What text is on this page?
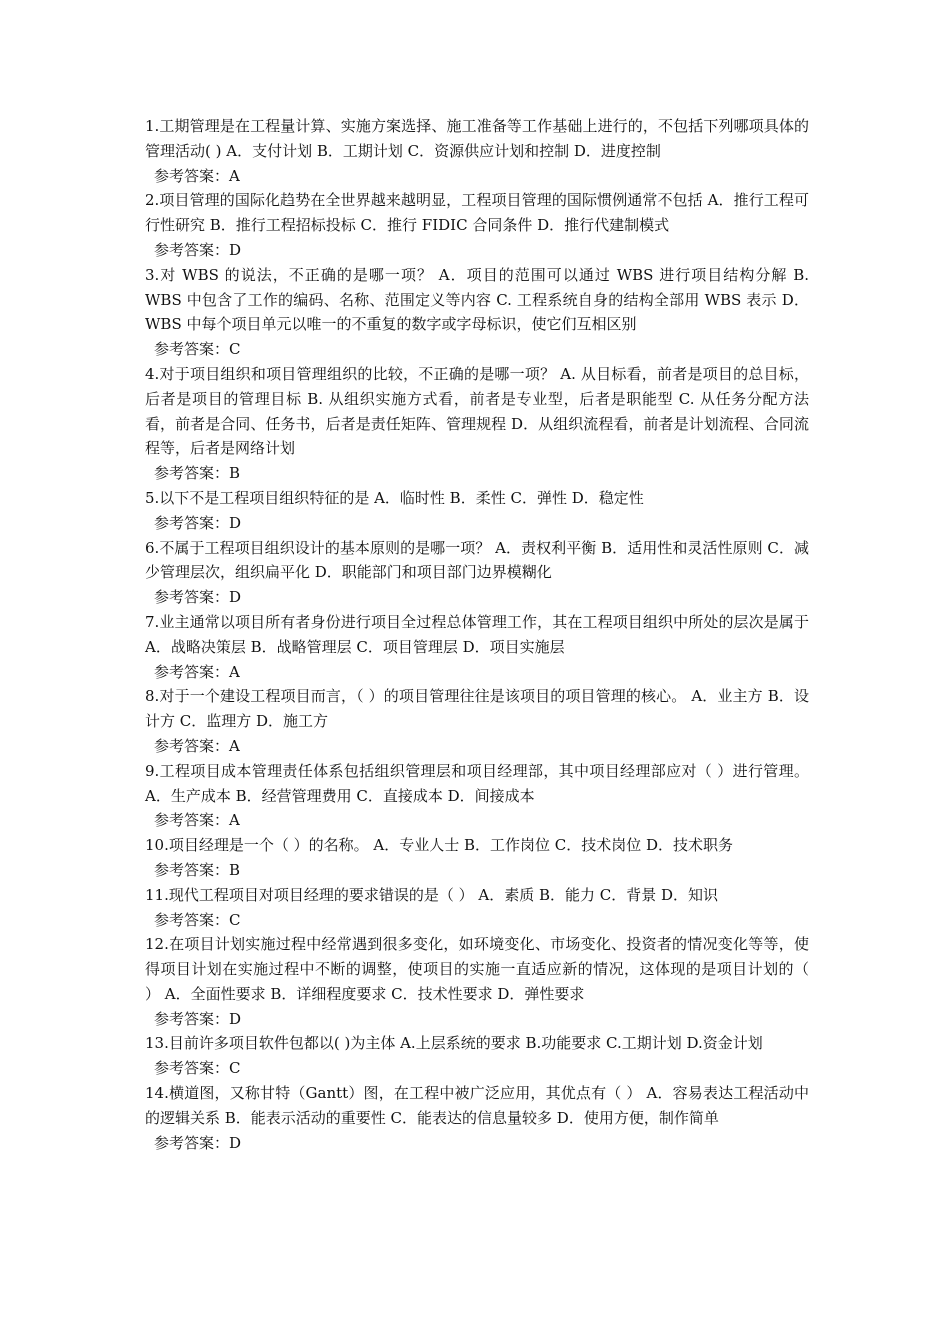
1.工期管理是在工程量计算、实施方案选择、施工准备等工作基础上进行的，不包括下列哪项具体的管理活动( ) A．支付计划 B．工期计划 C．资源供应计划和控制 D．进度控制

参考答案：A

2.项目管理的国际化趋势在全世界越来越明显，工程项目管理的国际惯例通常不包括 A．推行工程可行性研究 B．推行工程招标投标 C．推行 FIDIC 合同条件 D．推行代建制模式

参考答案：D

3.对 WBS 的说法，不正确的是哪一项？ A．项目的范围可以通过 WBS 进行项目结构分解 B. WBS 中包含了工作的编码、名称、范围定义等内容 C. 工程系统自身的结构全部用 WBS 表示 D．WBS 中每个项目单元以唯一的不重复的数字或字母标识，使它们互相区别

参考答案：C

4.对于项目组织和项目管理组织的比较，不正确的是哪一项？ A. 从目标看，前者是项目的总目标，后者是项目的管理目标 B. 从组织实施方式看，前者是专业型，后者是职能型 C. 从任务分配方法看，前者是合同、任务书，后者是责任矩阵、管理规程 D．从组织流程看，前者是计划流程、合同流程等，后者是网络计划

参考答案：B

5.以下不是工程项目组织特征的是 A．临时性 B．柔性 C．弹性 D．稳定性

参考答案：D

6.不属于工程项目组织设计的基本原则的是哪一项？ A．责权利平衡 B．适用性和灵活性原则 C．减少管理层次，组织扁平化 D．职能部门和项目部门边界模糊化

参考答案：D

7.业主通常以项目所有者身份进行项目全过程总体管理工作，其在工程项目组织中所处的层次是属于 A．战略决策层 B．战略管理层 C．项目管理层 D．项目实施层

参考答案：A

8.对于一个建设工程项目而言，（ ）的项目管理往往是该项目的项目管理的核心。 A．业主方 B．设计方 C．监理方 D．施工方

参考答案：A

9.工程项目成本管理责任体系包括组织管理层和项目经理部，其中项目经理部应对（ ）进行管理。 A．生产成本 B．经营管理费用 C．直接成本 D．间接成本

参考答案：A

10.项目经理是一个（ ）的名称。 A．专业人士 B．工作岗位 C．技术岗位 D．技术职务

参考答案：B

11.现代工程项目对项目经理的要求错误的是（ ） A．素质 B．能力 C．背景 D．知识

参考答案：C

12.在项目计划实施过程中经常遇到很多变化，如环境变化、市场变化、投资者的情况变化等等，使得项目计划在实施过程中不断的调整，使项目的实施一直适应新的情况，这体现的是项目计划的（ ） A．全面性要求 B．详细程度要求 C．技术性要求 D．弹性要求

参考答案：D

13.目前许多项目软件包都以( )为主体 A.上层系统的要求 B.功能要求 C.工期计划 D.资金计划

参考答案：C

14.横道图，又称甘特（Gantt）图，在工程中被广泛应用，其优点有（ ） A．容易表达工程活动中的逻辑关系 B．能表示活动的重要性 C．能表达的信息量较多 D．使用方便，制作简单

参考答案：D
